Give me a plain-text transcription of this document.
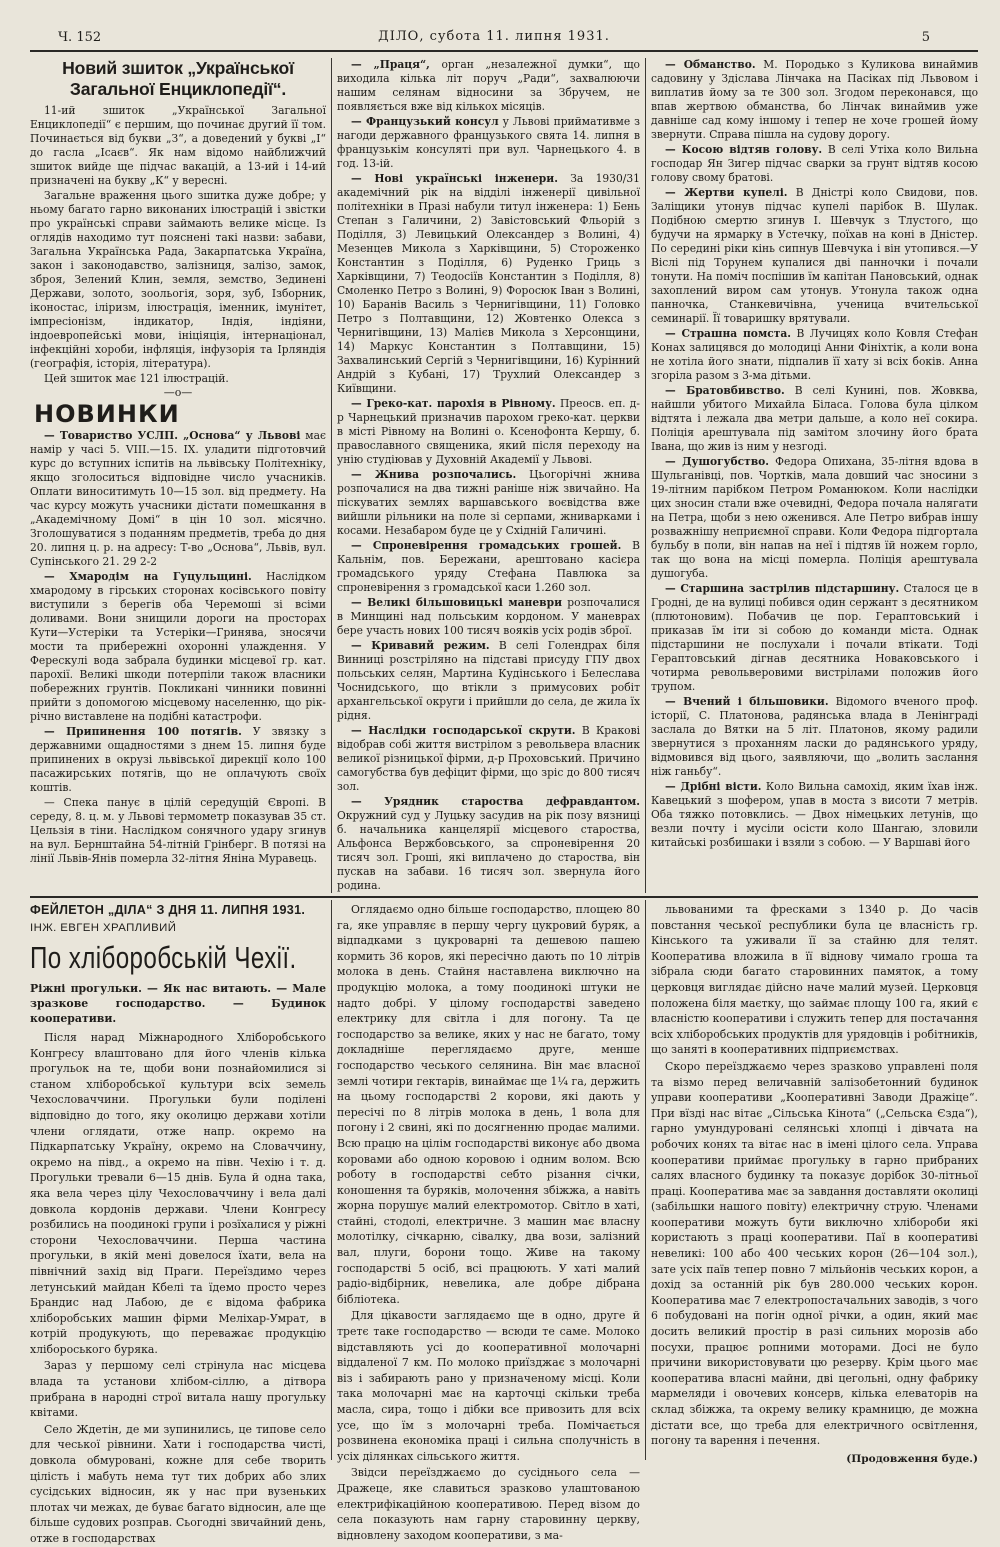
Ч. 152	ДІЛО, субота 11. липня 1931.	5
Новий зшиток „Української Загальної Енциклопедії“.

11-ий зшиток „Української Загальної Енциклопедії“ є першим, що починає другий її том. Починається від букви „З“, а доведений у букві „І“ до гасла „Ісаєв“. Як нам відомо найближчий зшиток вийде ще підчас вакацій, а 13-ий і 14-ий призначені на букву „К“ у вересні.

Загальне враження цього зшитка дуже добре; у ньому багато гарно виконаних ілюстрацій і звістки про українські справи займають велике місце. Із оглядів находимо тут пояснені такі назви: забави, Загальна Українська Рада, Закарпатська Україна, закон і законодавство, залізниця, залізо, замок, зброя, Зелений Клин, земля, земство, Зединені Держави, золото, зоольогія, зоря, зуб, Ізборник, іконостас, іліризм, ілюстрація, іменник, імунітет, імпресіонізм, індикатор, Індія, індіяни, індоевропейські мови, ініціяція, інтернаціонал, інфекційні хороби, інфляція, інфузорія та Ірляндія (географія, історія, література).

Цей зшиток має 121 ілюстрацій.

—о—
НОВИНКИ

— Товариство УСЛП. „Основа“ у Львові має намір у часі 5. VIII.—15. IX. уладити підготовчий курс до вступних іспитів на львівську Політехніку, якщо зголоситься відповідне число учасників. Оплати виноситимуть 10—15 зол. від предмету. На час курсу можуть учасники дістати помешкання в „Академічному Домі“ в цін 10 зол. місячно. Зголошуватися з поданням предметів, треба до дня 20. липня ц. р. на адресу: Т-во „Основа“, Львів, вул. Супінського 21. 29 2-2

— Хмародім на Гуцульщині. Наслідком хмародому в гірських сторонах косівського повіту виступили з берегів оба Черемоші зі всіми доливами. Вони знищили дороги на просторах Кути—Устеріки та Устеріки—Гринява, зносячи мости та прибережні охоронні улаждення. У Ферескулі вода забрала будинки місцевої гр. кат. парохії. Великі шкоди потерпіли також власники побережних грунтів. Покликані чинники повинні прийти з допомогою місцевому населенню, що рік-річно виставлене на подібні катастрофи.

— Припинення 100 потягів. У звязку з державними ощадностями з днем 15. липня буде припинених в окрузі львівської дирекції коло 100 пасажирських потягів, що не оплачують своїх коштів.

— Спека панує в цілій середущій Європі. В середу, 8. ц. м. у Львові термометр показував 35 ст. Цельзія в тіни. Наслідком сонячного удару згинув на вул. Бернштайна 54-літній Грінберг. В потязі на лінії Львів-Янів померла 32-літня Яніна Муравець.

— „Праця“, орган „незалежної думки“, що виходила кілька літ поруч „Ради“, захвалюючи нашим селянам відносини за Збручем, не появляється вже від кількох місяців.

— Французький консул у Львові приймативме з нагоди державного французького свята 14. липня в французькім консуляті при вул. Чарнецького 4. в год. 13-ій.

— Нові українські інженери. За 1930/31 академічний рік на відділі інженерії цивільної політехніки в Празі набули титул інженера: 1) Бень Степан з Галичини, 2) Завістовський Фльорій з Поділля, 3) Левицький Олександер з Волині, 4) Мезенцев Микола з Харківщини, 5) Стороженко Константин з Поділля, 6) Руденко Гриць з Харківщини, 7) Теодосіїв Константин з Поділля, 8) Смоленко Петро з Волині, 9) Форосюк Іван з Волині, 10) Баранів Василь з Чернигівщини, 11) Головко Петро з Полтавщини, 12) Жовтенко Олекса з Чернигівщини, 13) Малієв Микола з Херсонщини, 14) Маркус Константин з Полтавщини, 15) Захвалинський Сергій з Чернигівщини, 16) Курінний Андрій з Кубані, 17) Трухлий Олександер з Київщини.

— Греко-кат. парохія в Рівному. Преосв. еп. д-р Чарнецький призначив парохом греко-кат. церкви в місті Рівному на Волині о. Ксенофонта Кершу, б. православного священика, який після переходу на унію студіював у Духовній Академії у Львові.

— Жнива розпочались. Цьогорічні жнива розпочалися на два тижні раніше ніж звичайно. На піскуватих землях варшавського воєвідства вже вийшли рільники на поле зі серпами, жниварками і косами. Незабаром буде це у Східній Галичині.

— Спроневірення громадських грошей. В Кальнім, пов. Бережани, арештовано касієра громадського уряду Стефана Павлюка за спроневірення з громадської каси 1.260 зол.

— Великі більшовицькі маневри розпочалися в Минщині над польським кордоном. У маневрах бере участь нових 100 тисяч вояків усіх родів зброї.

— Кривавий режим. В селі Голендрах біля Винниці розстріляно на підставі присуду ГПУ двох польських селян, Мартина Кудінського і Белеслава Чоснидського, що втікли з примусових робіт архангельської округи і прийшли до села, де жила їх рідня.

— Наслідки господарської скрути. В Кракові відобрав собі життя вистрілом з револьвера власник великої різницької фірми, д-р Проховський. Причино самогубства був дефіцит фірми, що зріс до 800 тисяч зол.

— Урядник староства дефравдантом. Окружний суд у Луцьку засудив на рік позу вязниці б. начальника канцелярії місцевого староства, Альфонса Вержбовського, за спроневірення 20 тисяч зол. Гроші, які виплачено до староства, він пускав на забави. 16 тисяч зол. звернула його родина.

— Обманство. М. Породько з Куликова винаймив садовину у Здіслава Лінчака на Пасіках під Львовом і виплатив йому за те 300 зол. Згодом переконався, що впав жертвою обманства, бо Лінчак винаймив уже давніше сад кому іншому і тепер не хоче грошей йому звернути. Справа пішла на судову дорогу.

— Косою відтяв голову. В селі Утіха коло Вильна господар Ян Зигер підчас сварки за грунт відтяв косою голову свому братові.

— Жертви купелі. В Дністрі коло Свидови, пов. Заліщики утонув підчас купелі парібок В. Шулак. Подібною смертю згинув І. Шевчук з Тлустого, що будучи на ярмарку в Устечку, поїхав на коні в Дністер. По середині ріки кінь сипнув Шевчука і він утопився.—У Віслі під Торунем купалися дві панночки і почали тонути. На поміч поспішив їм капітан Пановський, однак захоплений виром сам утонув. Утонула також одна панночка, Станкевичівна, ученица вчительської семинарії. Її товаришку врятували.

— Страшна помста. В Лучицях коло Ковля Стефан Конах залицявся до молодиці Анни Фініхтік, а коли вона не хотіла його знати, підпалив її хату зі всіх боків. Анна згоріла разом з 3-ма дітьми.

— Братовбивство. В селі Кунині, пов. Жовква, найшли убитого Михайла Біласа. Голова була цілком відтята і лежала два метри дальше, а коло неї сокира. Поліція арештувала під замітом злочину його брата Івана, що жив із ним у незгоді.

— Душогубство. Федора Опихана, 35-літня вдова в Шульганівці, пов. Чортків, мала довший час зносини з 19-літним парібком Петром Романюком. Коли наслідки цих зносин стали вже очевидні, Федора почала налягати на Петра, щоби з нею оженився. Але Петро вибрав іншу розважнішу неприємної справи. Коли Федора підгортала бульбу в поли, він напав на неї і підтяв їй ножем горло, так що вона на місці померла. Поліція арештувала душогуба.

— Старшина застрілив підстаршину. Сталося це в Гродні, де на вулиці побився один сержант з десятником (плютоновим). Побачив це пор. Гераптовський і приказав їм іти зі собою до команди міста. Однак підстаршини не послухали і почали втікати. Тоді Гераптовський дігнав десятника Новаковського і чотирма револьверовими вистрілами положив його трупом.

— Вчений і більшовики. Відомого вченого проф. історії, С. Платонова, радянська влада в Ленінграді заслала до Вятки на 5 літ. Платонов, якому радили звернутися з проханням ласки до радянського уряду, відмовився від цього, заявляючи, що „волить заслання ніж ганьбу“.

— Дрібні вісти. Коло Вильна самохід, яким їхав інж. Кавецький з шофером, упав в моста з висоти 7 метрів. Оба тяжко потовклись. — Двох німецьких летунів, що везли почту і мусіли осісти коло Шангаю, зловили китайські розбишаки і взяли з собою. — У Варшаві його

ФЕЙЛЕТОН „ДІЛА“ З ДНЯ 11. ЛИПНЯ 1931.
ІНЖ. ЕВГЕН ХРАПЛИВИЙ
По хліборобській Чехії.
Ріжні прогульки. — Як нас витають. — Мале зразкове господарство. — Будинок кооперативи.

Після нарад Міжнародного Хліборобського Конгресу влаштовано для його членів кілька прогульок на те, щоби вони познайомилися зі станом хліборобської культури всіх земель Чехословаччини. Прогульки були поділені відповідно до того, яку околицю держави хотіли члени оглядати, отже напр. окремо на Підкарпатську Україну, окремо на Словаччину, окремо на півд., а окремо на півн. Чехію і т. д. Прогульки тревали 6—15 днів. Була й одна така, яка вела через цілу Чехословаччину і вела далі довкола кордонів держави. Члени Конгресу розбились на поодинокі групи і розїхалися у ріжні сторони Чехословаччини. Перша частина прогульки, в якій мені довелося їхати, вела на північний захід від Праги. Переїздимо через летунський майдан Кбелі та їдемо просто через Брандис над Лабою, де є відома фабрика хліборобських машин фірми Меліхар-Умрат, в котрій продукують, що переважає продукцію хлібороського буряка.

Зараз у першому селі стрінула нас місцева влада та установи хлібом-сіллю, а дітвора прибрана в народні строї витала нашу прогульку квітами.

Село Ждетін, де ми зупинились, це типове село для чеської рівнини. Хати і господарства чисті, довкола обмуровані, кожне для себе творить цілість і мабуть нема тут тих добрих або злих сусідських відносин, як у нас при вузеньких плотах чи межах, де буває багато відносин, але ще більше судових розправ. Сьогодні звичайний день, отже в господарствах

Оглядаємо одно більше господарство, площею 80 га, яке управляє в першу чергу цукровий буряк, а відпадками з цукроварні та дешевою пашею кормить 36 коров, які пересічно дають по 10 літрів молока в день. Стайня наставлена виключно на продукцію молока, а тому поодинокі штуки не надто добрі. У цілому господарстві заведено електрику для світла і для погону. Та це господарство за велике, яких у нас не багато, тому докладніше переглядаємо друге, менше господарство чеського селянина. Він має власної землі чотири гектарів, винаймає ще 1¼ га, держить на цьому господарстві 2 корови, які дають у пересічі по 8 літрів молока в день, 1 вола для погону і 2 свині, які по досягненню продає малими. Всю працю на цілім господарстві виконує або двома коровами або одною коровою і одним волом. Всю роботу в господарстві себто різання січки, коношення та буряків, молочення збіжжа, а навіть жорна порушує малий електромотор. Світло в хаті, стайні, стодолі, електричне. З машин має власну молотілку, січкарню, сівалку, два вози, залізний вал, плуги, борони тощо. Живе на такому господарстві 5 осіб, всі працюють. У хаті малий радіо-відбірник, невелика, але добре дібрана бібліотека.

Для цікавости заглядаємо ще в одно, друге й третє таке господарство — всюди те саме. Молоко відставляють усі до кооперативної молочарні віддаленої 7 км. По молоко приїзджає з молочарні віз і забирають рано у призначеному місці. Коли така молочарні має на карточці скільки треба масла, сира, тощо і дібки все привозить для всіх усе, що їм з молочарні треба. Помічається розвинена економіка праці і сильна сполучність в усіх ділянках сільського життя.

Звідси переїзджаємо до сусіднього села — Дражеце, яке славиться зразково улаштованою електрифікаційною кооперативою. Перед візом до села показують нам гарну старовинну церкву, відновлену заходом кооперативи, з ма-

львованими та фресками з 1340 р. До часів повстання чеської республики була це власність гр. Кінського та уживали її за стайню для телят. Кооператива вложила в її віднову чимало гроша та зібрала сюди багато старовинних памяток, а тому церковця виглядає дійсно наче малий музей. Церковця положена біля маєтку, що займає площу 100 га, який є власністю кооперативи і служить тепер для постачання всіх хліборобських продуктів для урядовців і робітників, що заняті в кооперативних підприємствах.

Скоро переїзджаємо через зразково управлені поля та візмо перед величавній залізобетонний будинок управи кооперативи „Кооперативні Заводи Дражіце“. При вїзді нас вітає „Сільська Кінота“ („Сельска Єзда“), гарно умундуровані селянські хлопці і дівчата на робочих конях та вітає нас в імені цілого села. Управа кооперативи приймає прогульку в гарно прибраних салях власного будинку та показує дорібок 30-літньої праці. Кооператива має за завдання доставляти околиці (забільшки нашого повіту) електричну струю. Членами кооперативи можуть бути виключно хлібороби які користають з праці кооперативи. Паї в кооперативі невеликі: 100 або 400 чеських корон (26—104 зол.), зате усіх паїв тепер повно 7 мільйонів чеських корон, а дохід за останній рік був 280.000 чеських корон. Кооператива має 7 електропостачальних заводів, з чого 6 побудовані на погін одної річки, а один, який має досить великий простір в разі сильних морозів або посухи, працює ропними моторами. Досі не було причини використовувати цю резерву. Крім цього має кооператива власні майни, дві цегольні, одну фабрику мармеляди і овочевих консерв, кілька елеваторів на склад збіжжа, та окрему велику крамницю, де можна дістати все, що треба для електричного освітлення, погону та варення і печення.

(Продовження буде.)
